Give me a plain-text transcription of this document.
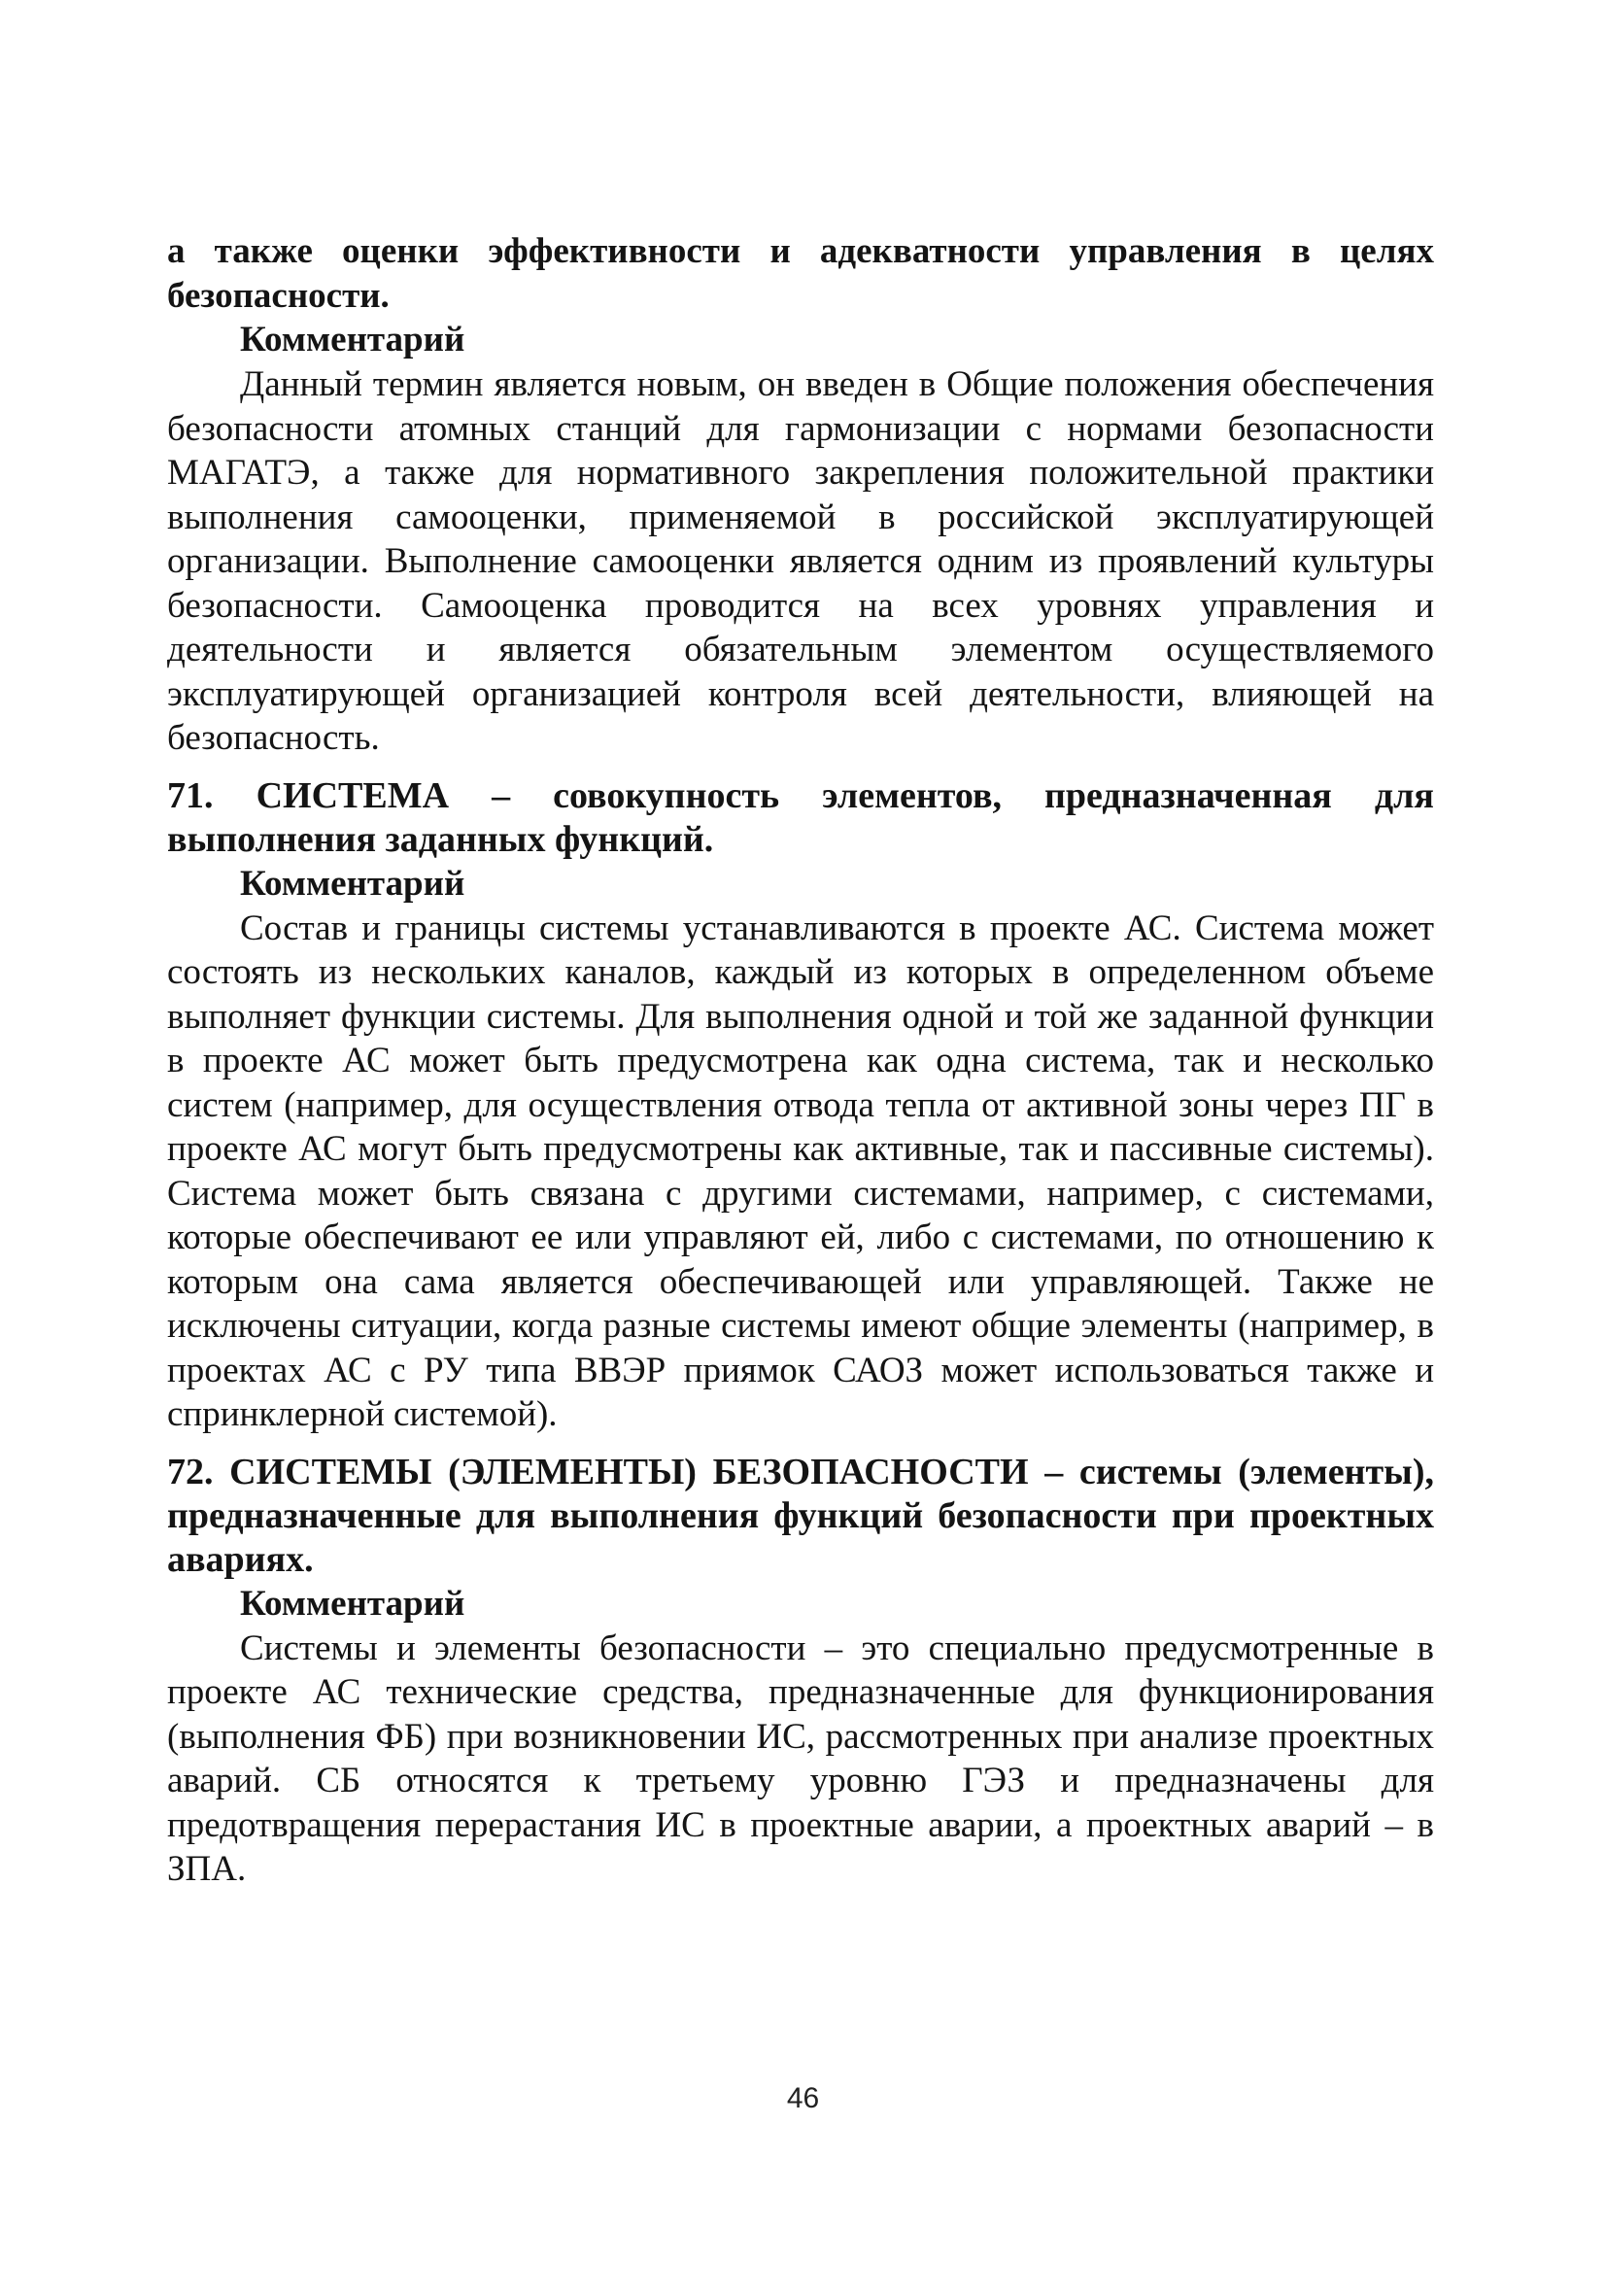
а также оценки эффективности и адекватности управления в целях безопасности.

Комментарий

Данный термин является новым, он введен в Общие положения обеспечения безопасности атомных станций для гармонизации с нормами безопасности МАГАТЭ, а также для нормативного закрепления положительной практики выполнения самооценки, применяемой в российской эксплуатирующей организации. Выполнение самооценки является одним из проявлений культуры безопасности. Самооценка проводится на всех уровнях управления и деятельности и является обязательным элементом осуществляемого эксплуатирующей организацией контроля всей деятельности, влияющей на безопасность.

71. СИСТЕМА – совокупность элементов, предназначенная для выполнения заданных функций.

Комментарий

Состав и границы системы устанавливаются в проекте АС. Система может состоять из нескольких каналов, каждый из которых в определенном объеме выполняет функции системы. Для выполнения одной и той же заданной функции в проекте АС может быть предусмотрена как одна система, так и несколько систем (например, для осуществления отвода тепла от активной зоны через ПГ в проекте АС могут быть предусмотрены как активные, так и пассивные системы). Система может быть связана с другими системами, например, с системами, которые обеспечивают ее или управляют ей, либо с системами, по отношению к которым она сама является обеспечивающей или управляющей. Также не исключены ситуации, когда разные системы имеют общие элементы (например, в проектах АС с РУ типа ВВЭР приямок САОЗ может использоваться также и спринклерной системой).

72. СИСТЕМЫ (ЭЛЕМЕНТЫ) БЕЗОПАСНОСТИ – системы (элементы), предназначенные для выполнения функций безопасности при проектных авариях.

Комментарий

Системы и элементы безопасности – это специально предусмотренные в проекте АС технические средства, предназначенные для функционирования (выполнения ФБ) при возникновении ИС, рассмотренных при анализе проектных аварий. СБ относятся к третьему уровню ГЭЗ и предназначены для предотвращения перерастания ИС в проектные аварии, а проектных аварий – в ЗПА.

46
